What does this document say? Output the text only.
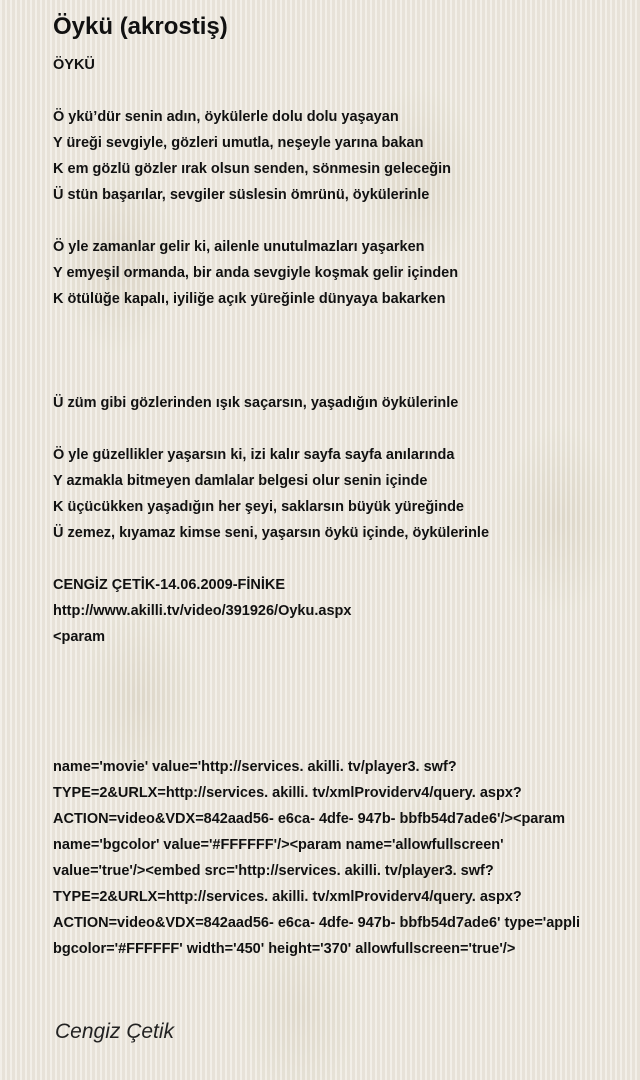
Öykü (akrostiş)
ÖYKÜ
Ö ykü’dür senin adın, öykülerle dolu dolu yaşayan
Y üreği sevgiyle, gözleri umutla, neşeyle yarına bakan
K em gözlü gözler ırak olsun senden, sönmesin geleceğin
Ü stün başarılar, sevgiler süslesin ömrünü, öykülerinle
Ö yle zamanlar gelir ki, ailenle unutulmazları yaşarken
Y emyeşil ormanda, bir anda sevgiyle koşmak gelir içinden
K ötülüğe kapalı, iyiliğe açık yüreğinle dünyaya bakarken
Ü züm gibi gözlerinden ışık saçarsın, yaşadığın öykülerinle
Ö yle güzellikler yaşarsın ki, izi kalır sayfa sayfa anılarında
Y azmakla bitmeyen damlalar belgesi olur senin içinde
K üçücükken yaşadığın her şeyi, saklarsın büyük yüreğinde
Ü zemez, kıyamaz kimse seni, yaşarsın öykü içinde, öykülerinle
CENGİZ ÇETİK-14.06.2009-FİNİKE
http://www.akilli.tv/video/391926/Oyku.aspx
<param
name='movie' value='http://services. akilli. tv/player3. swf?
TYPE=2&URLX=http://services. akilli. tv/xmlProviderv4/query. aspx?
ACTION=video&VDX=842aad56- e6ca- 4dfe- 947b- bbfb54d7ade6'/><param
name='bgcolor' value='#FFFFFF'/><param name='allowfullscreen'
value='true'/><embed src='http://services. akilli. tv/player3. swf?
TYPE=2&URLX=http://services. akilli. tv/xmlProviderv4/query. aspx?
ACTION=video&VDX=842aad56- e6ca- 4dfe- 947b- bbfb54d7ade6' type='appli
bgcolor='#FFFFFF' width='450' height='370' allowfullscreen='true'/>
Cengiz Çetik
